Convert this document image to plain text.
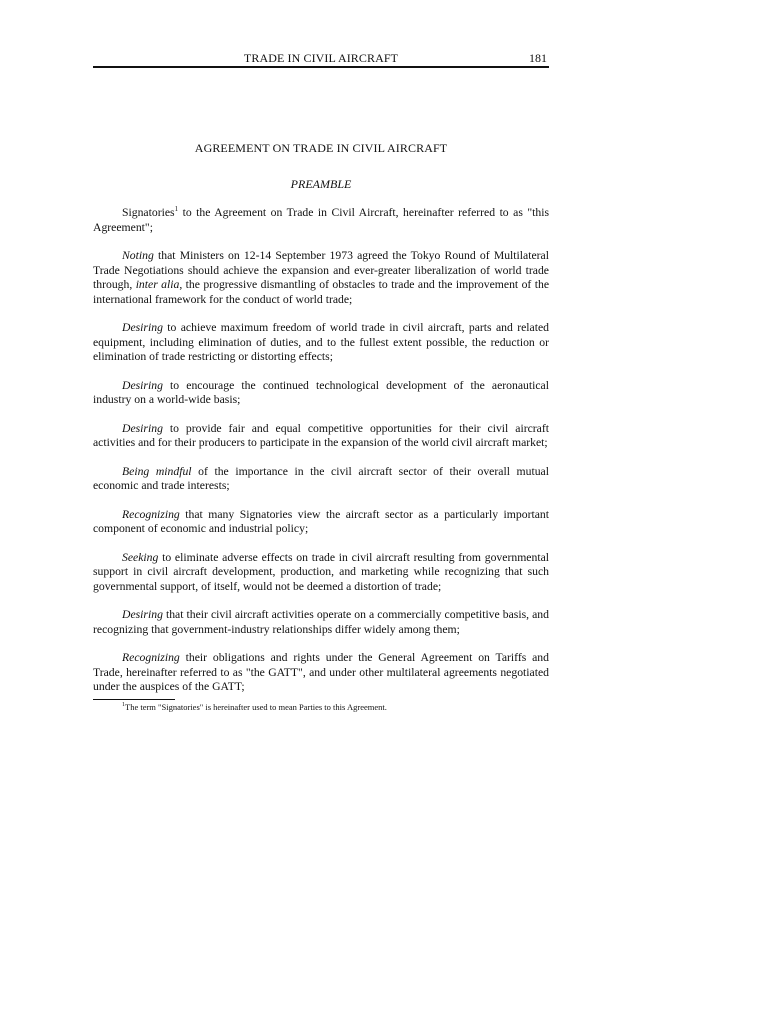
TRADE IN CIVIL AIRCRAFT	181
AGREEMENT ON TRADE IN CIVIL AIRCRAFT
PREAMBLE

Signatories$^1$ to the Agreement on Trade in Civil Aircraft, hereinafter referred to as "this Agreement";

Noting that Ministers on 12-14 September 1973 agreed the Tokyo Round of Multilateral Trade Negotiations should achieve the expansion and ever-greater liberalization of world trade through, inter alia, the progressive dismantling of obstacles to trade and the improvement of the international framework for the conduct of world trade;

Desiring to achieve maximum freedom of world trade in civil aircraft, parts and related equipment, including elimination of duties, and to the fullest extent possible, the reduction or elimination of trade restricting or distorting effects;

Desiring to encourage the continued technological development of the aeronautical industry on a world-wide basis;

Desiring to provide fair and equal competitive opportunities for their civil aircraft activities and for their producers to participate in the expansion of the world civil aircraft market;

Being mindful of the importance in the civil aircraft sector of their overall mutual economic and trade interests;

Recognizing that many Signatories view the aircraft sector as a particularly important component of economic and industrial policy;

Seeking to eliminate adverse effects on trade in civil aircraft resulting from governmental support in civil aircraft development, production, and marketing while recognizing that such governmental support, of itself, would not be deemed a distortion of trade;

Desiring that their civil aircraft activities operate on a commercially competitive basis, and recognizing that government-industry relationships differ widely among them;

Recognizing their obligations and rights under the General Agreement on Tariffs and Trade, hereinafter referred to as "the GATT", and under other multilateral agreements negotiated under the auspices of the GATT;

$^1$The term "Signatories" is hereinafter used to mean Parties to this Agreement.
